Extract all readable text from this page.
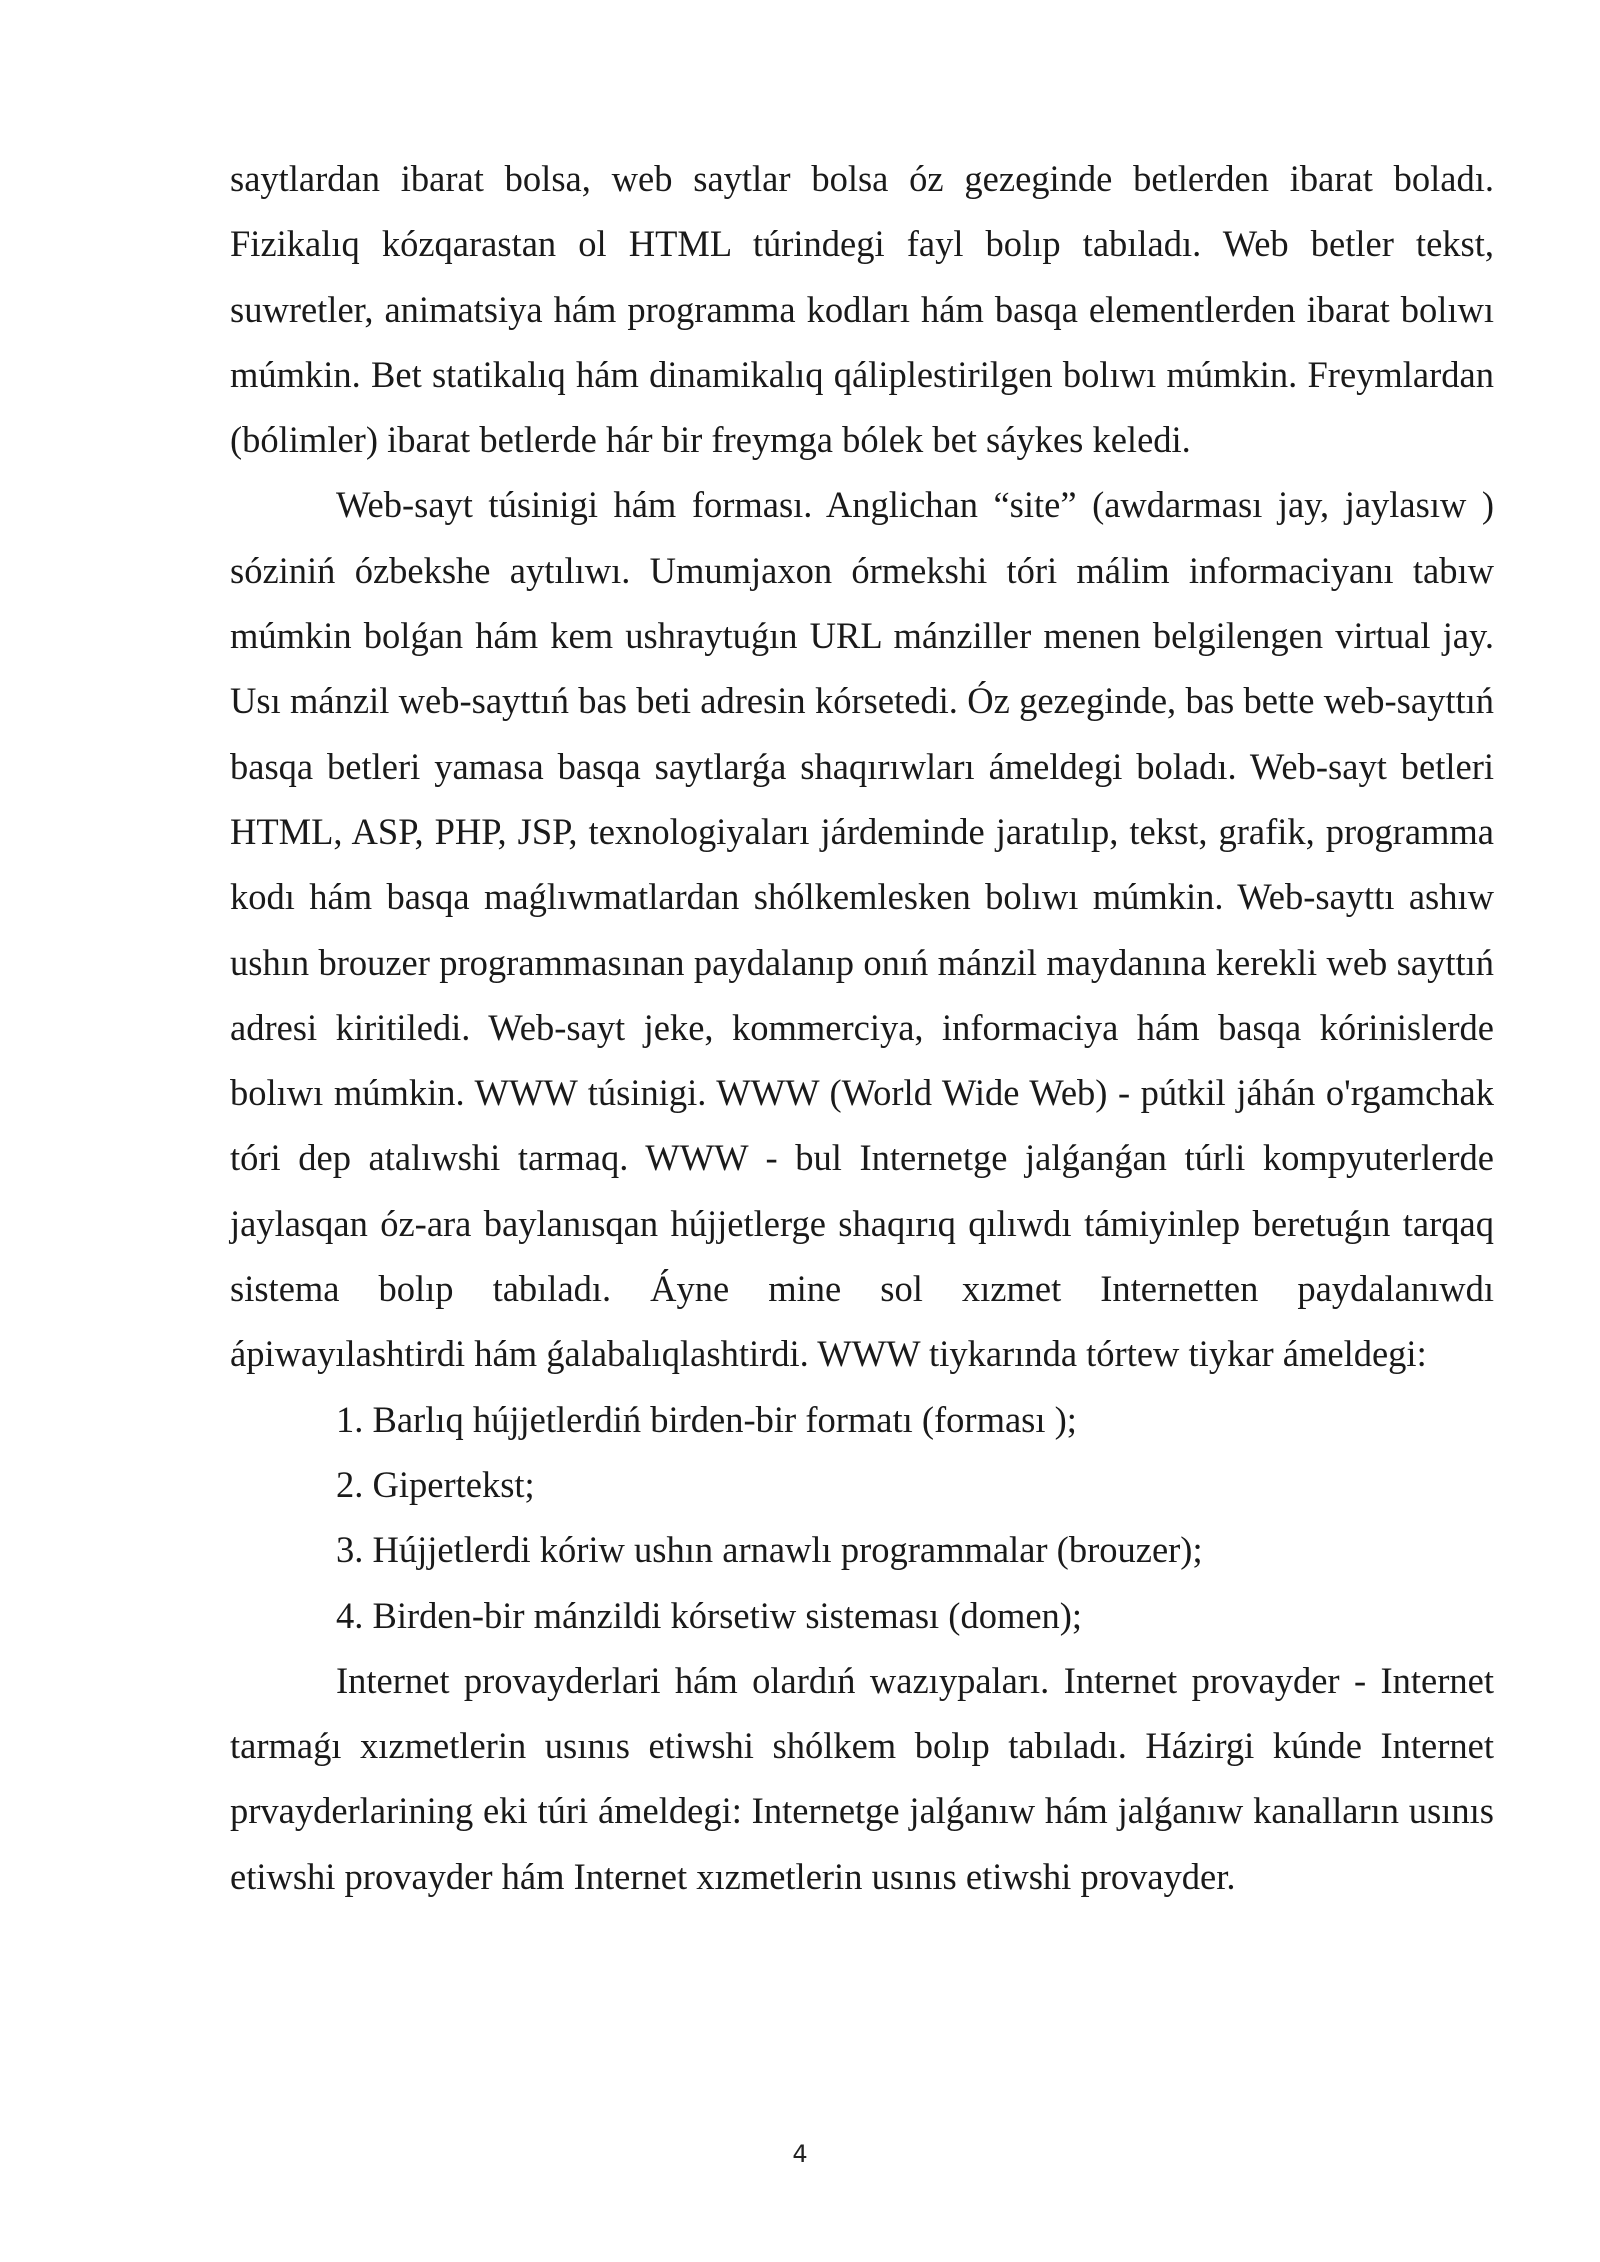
saytlardan ibarat bolsa, web saytlar bolsa óz gezeginde betlerden ibarat boladı. Fizikalıq kózqarastan ol HTML túrindegi fayl bolıp tabıladı. Web betler tekst, suwretler, animatsiya hám programma kodları hám basqa elementlerden ibarat bolıwı múmkin. Bet statikalıq hám dinamikalıq qáliplestirilgen bolıwı múmkin. Freymlardan (bólimler) ibarat betlerde hár bir freymga bólek bet sáykes keledi.

Web-sayt túsinigi hám forması. Anglichan “site” (awdarması jay, jaylasıw ) sóziniń ózbekshe aytılıwı. Umumjaxon órmekshi tóri málim informaciyanı tabıw múmkin bolǵan hám kem ushraytuǵın URL mánziller menen belgilengen virtual jay. Usı mánzil web-sayttıń bas beti adresin kórsetedi. Óz gezeginde, bas bette web-sayttıń basqa betleri yamasa basqa saytlarǵa shaqırıwları ámeldegi boladı. Web-sayt betleri HTML, ASP, PHP, JSP, texnologiyaları járdeminde jaratılıp, tekst, grafik, programma kodı hám basqa maǵlıwmatlardan shólkemlesken bolıwı múmkin. Web-sayttı ashıw ushın brouzer programmasınan paydalanıp onıń mánzil maydanına kerekli web sayttıń adresi kiritiledi. Web-sayt jeke, kommerciya, informaciya hám basqa kórinislerde bolıwı múmkin. WWW túsinigi. WWW (World Wide Web) - pútkil jáhán o'rgamchak tóri dep atalıwshi tarmaq. WWW - bul Internetge jalǵanǵan túrli kompyuterlerde jaylasqan óz-ara baylanısqan hújjetlerge shaqırıq qılıwdı támiyinlep beretuǵın tarqaq sistema bolıp tabıladı. Áyne mine sol xızmet Internetten paydalanıwdı ápiwayılashtirdi hám ǵalabalıqlashtirdi. WWW tiykarında tórtew tiykar ámeldegi:

1. Barlıq hújjetlerdiń birden-bir formatı (forması );
2. Gipertekst;
3. Hújjetlerdi kóriw ushın arnawlı programmalar (brouzer);
4. Birden-bir mánzildi kórsetiw sisteması (domen);

Internet provayderlari hám olardıń wazıypaları. Internet provayder - Internet tarmaǵı xızmetlerin usınıs etiwshi shólkem bolıp tabıladı. Házirgi kúnde Internet prvayderlarining eki túri ámeldegi: Internetge jalǵanıw hám jalǵanıw kanalların usınıs etiwshi provayder hám Internet xızmetlerin usınıs etiwshi provayder.

4
